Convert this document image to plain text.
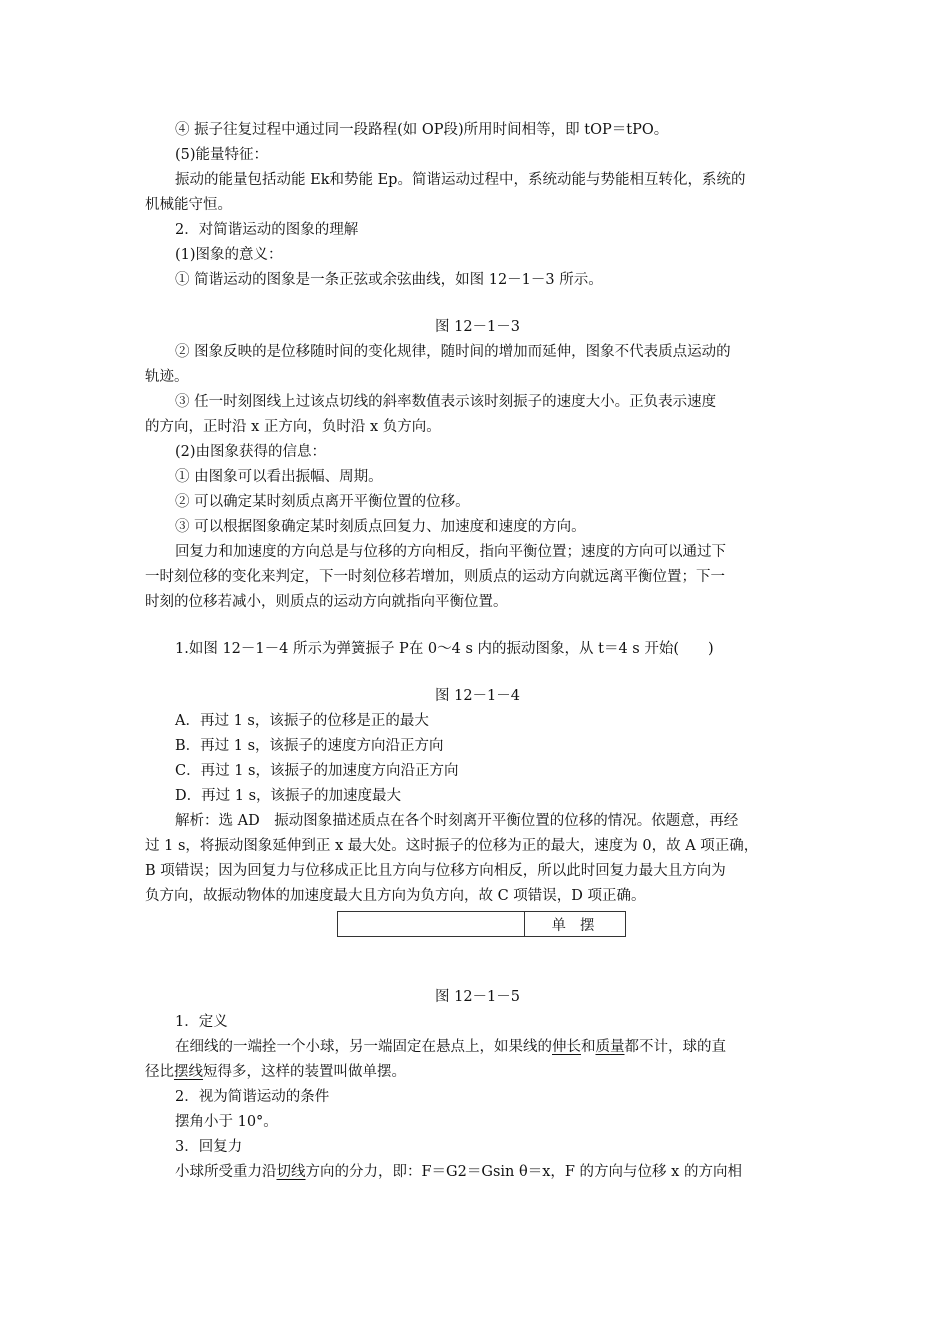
④ 振子往复过程中通过同一段路程(如 OP段)所用时间相等，即 tOP＝tPO。
(5)能量特征：
振动的能量包括动能 Ek和势能 Ep。简谐运动过程中，系统动能与势能相互转化，系统的
机械能守恒。
2．对简谐运动的图象的理解
(1)图象的意义：
① 简谐运动的图象是一条正弦或余弦曲线，如图 12－1－3 所示。
图 12－1－3
② 图象反映的是位移随时间的变化规律，随时间的增加而延伸，图象不代表质点运动的
轨迹。
③ 任一时刻图线上过该点切线的斜率数值表示该时刻振子的速度大小。正负表示速度
的方向，正时沿 x 正方向，负时沿 x 负方向。
(2)由图象获得的信息：
① 由图象可以看出振幅、周期。
② 可以确定某时刻质点离开平衡位置的位移。
③ 可以根据图象确定某时刻质点回复力、加速度和速度的方向。
回复力和加速度的方向总是与位移的方向相反，指向平衡位置；速度的方向可以通过下
一时刻位移的变化来判定，下一时刻位移若增加，则质点的运动方向就远离平衡位置；下一
时刻的位移若减小，则质点的运动方向就指向平衡位置。
1.如图 12－1－4 所示为弹簧振子 P在 0～4 s 内的振动图象，从 t＝4 s 开始(　　)
图 12－1－4
A．再过 1 s，该振子的位移是正的最大
B．再过 1 s，该振子的速度方向沿正方向
C．再过 1 s，该振子的加速度方向沿正方向
D．再过 1 s，该振子的加速度最大
解析：选 AD　振动图象描述质点在各个时刻离开平衡位置的位移的情况。依题意，再经
过 1 s，将振动图象延伸到正 x 最大处。这时振子的位移为正的最大，速度为 0，故 A 项正确，
B 项错误；因为回复力与位移成正比且方向与位移方向相反，所以此时回复力最大且方向为
负方向，故振动物体的加速度最大且方向为负方向，故 C 项错误，D 项正确。
	单摆
图 12－1－5
1．定义
在细线的一端拴一个小球，另一端固定在悬点上，如果线的伸长和质量都不计，球的直
径比摆线短得多，这样的装置叫做单摆。
2．视为简谐运动的条件
摆角小于 10°。
3．回复力
小球所受重力沿切线方向的分力，即：F＝G2＝Gsin θ＝x，F 的方向与位移 x 的方向相
